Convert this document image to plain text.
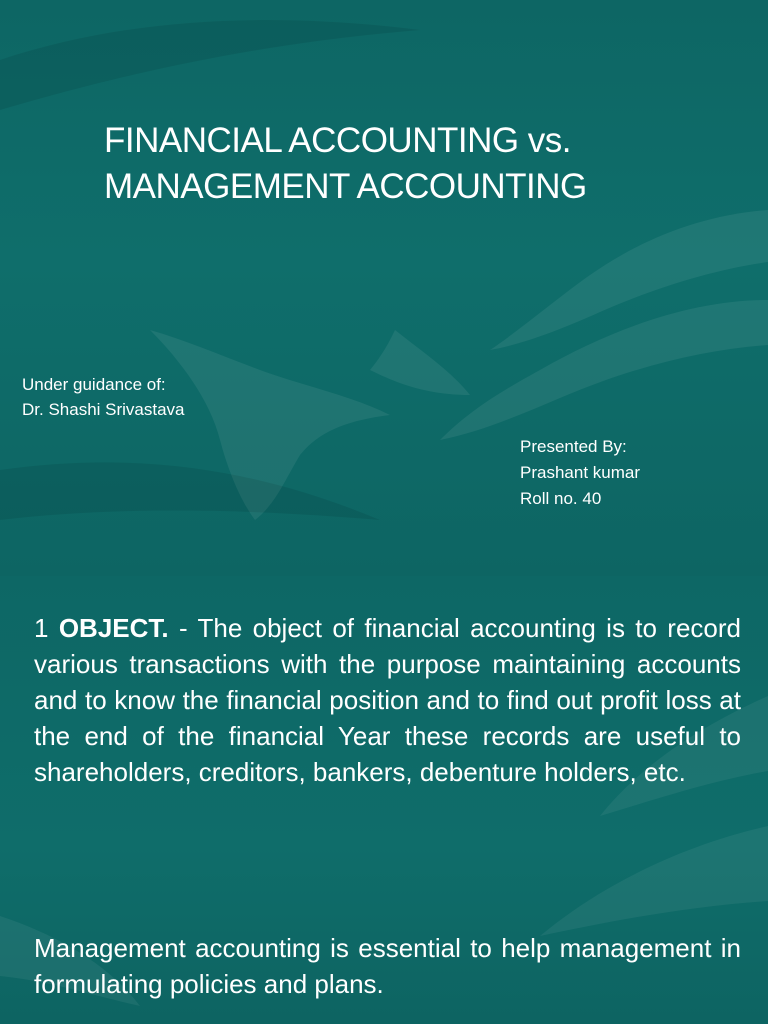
FINANCIAL ACCOUNTING vs.
MANAGEMENT ACCOUNTING
Under guidance of:
Dr. Shashi Srivastava
Presented By:
Prashant kumar
Roll no. 40

1 OBJECT. - The object of financial accounting is to record various transactions with the purpose maintaining accounts and to know the financial position and to find out profit loss at the end of the financial Year these records are useful to shareholders, creditors, bankers, debenture holders, etc.

Management accounting is essential to help management in formulating policies and plans.
